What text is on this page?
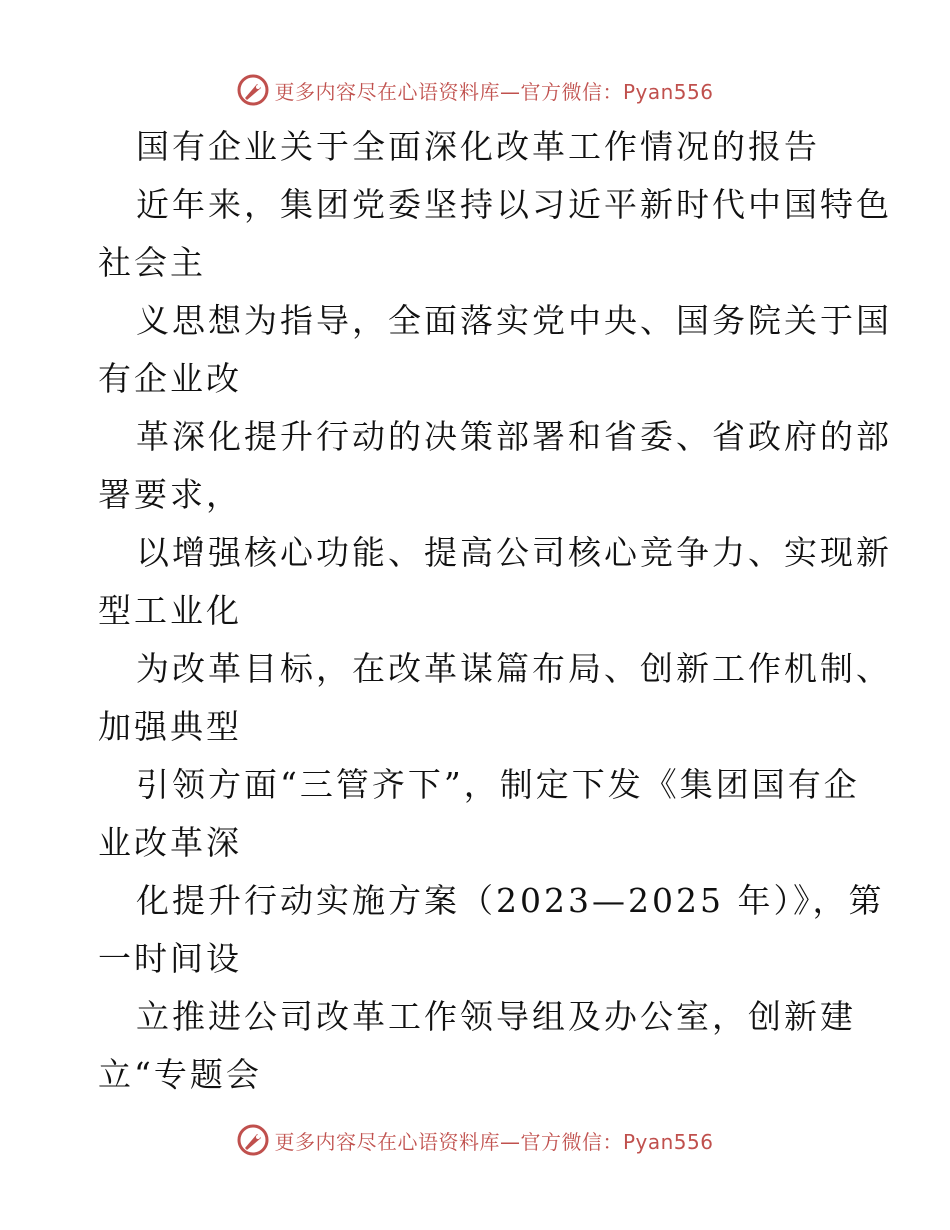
更多内容尽在心语资料库—官方微信：Pyan556
国有企业关于全面深化改革工作情况的报告
近年来，集团党委坚持以习近平新时代中国特色
社会主
义思想为指导，全面落实党中央、国务院关于国
有企业改
革深化提升行动的决策部署和省委、省政府的部
署要求，
以增强核心功能、提高公司核心竞争力、实现新
型工业化
为改革目标，在改革谋篇布局、创新工作机制、
加强典型
引领方面“三管齐下”，制定下发《集团国有企
业改革深
化提升行动实施方案（2023—2025 年）》，第
一时间设
立推进公司改革工作领导组及办公室，创新建
立“专题会
更多内容尽在心语资料库—官方微信：Pyan556
